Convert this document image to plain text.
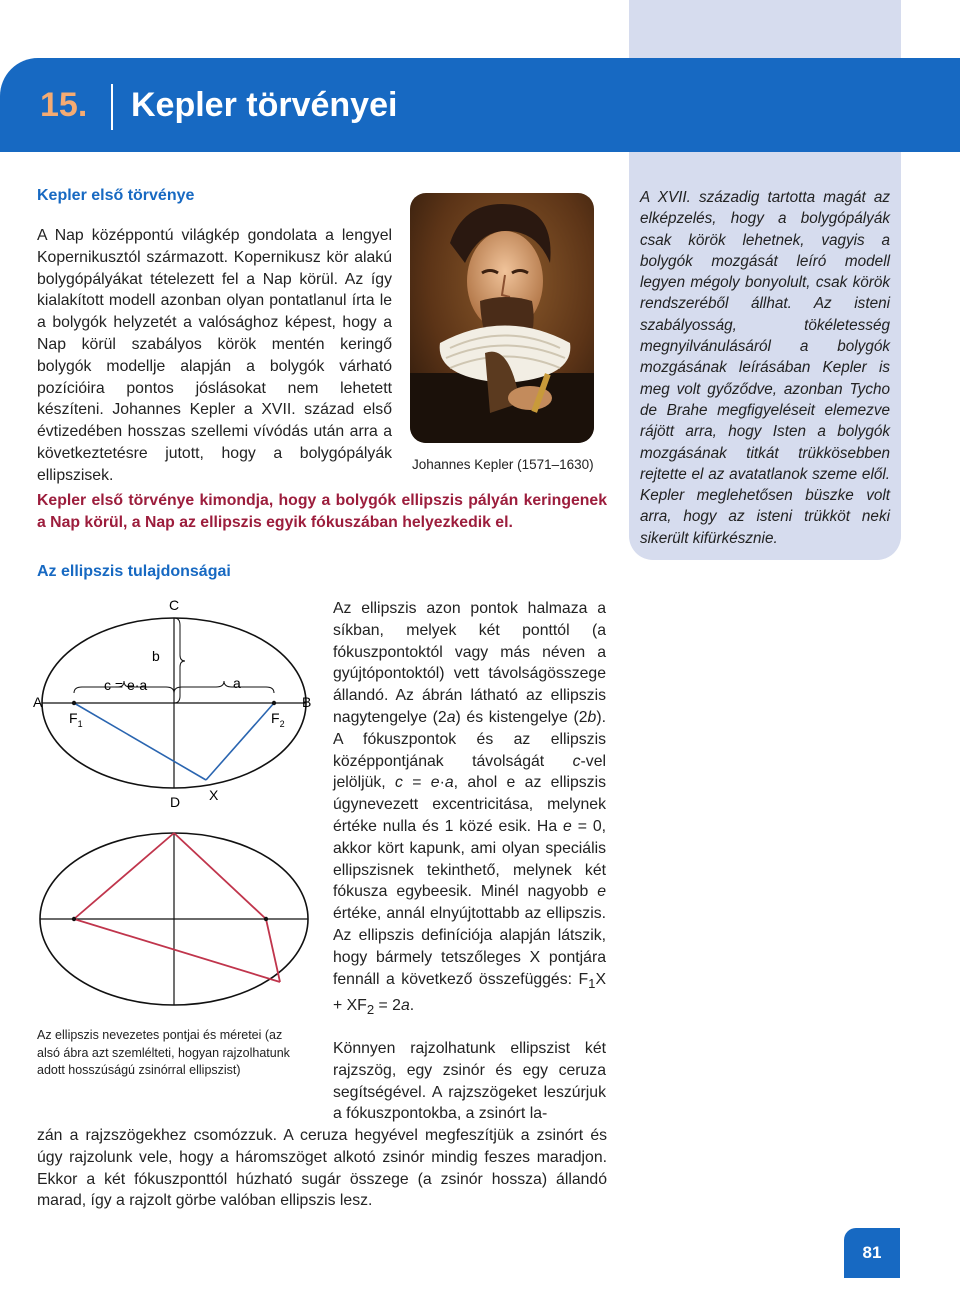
15. Kepler törvényei
A XVII. századig tartotta magát az elképzelés, hogy a bolygópályák csak körök lehetnek, vagyis a bolygók mozgását leíró modell legyen mégoly bonyolult, csak körök rendszeréből állhat. Az isteni szabályosság, tökéletesség megnyilvánulásáról a bolygók mozgásának leírásában Kepler is meg volt győződve, azonban Tycho de Brahe megfigyeléseit elemezve rájött arra, hogy Isten a bolygók mozgásának titkát trükkösebben rejtette el az avatatlanok szeme elől. Kepler meglehetősen büszke volt arra, hogy az isteni trükköt neki sikerült kifürkésznie.
Kepler első törvénye
A Nap középpontú világkép gondolata a lengyel Kopernikusztól származott. Kopernikusz kör alakú bolygópályákat tételezett fel a Nap körül. Az így kialakított modell azonban olyan pontatlanul írta le a bolygók helyzetét a valósághoz képest, hogy a Nap körül szabályos körök mentén keringő bolygók modellje alapján a bolygók várható pozícióira pontos jóslásokat nem lehetett készíteni. Johannes Kepler a XVII. század első évtizedében hosszas szellemi vívódás után arra a következtetésre jutott, hogy a bolygópályák ellipszisek.
Johannes Kepler (1571–1630)
Kepler első törvénye kimondja, hogy a bolygók ellipszis pályán keringenek a Nap körül, a Nap az ellipszis egyik fókuszában helyezkedik el.
Az ellipszis tulajdonságai
A	B
C
D X
$F_1$	$F_2$
b
a
c = e·a
Az ellipszis nevezetes pontjai és méretei (az alsó ábra azt szemlélteti, hogyan rajzolhatunk adott hosszúságú zsinórral ellipszist)
Az ellipszis azon pontok halmaza a síkban, melyek két ponttól (a fókuszpontoktól vagy más néven a gyújtópontoktól) vett távolságösszege állandó. Az ábrán látható az ellipszis nagytengelye (2a) és kistengelye (2b). A fókuszpontok és az ellipszis középpontjának távolságát c-vel jelöljük, c = e·a, ahol e az ellipszis úgynevezett excentricitása, melynek értéke nulla és 1 közé esik. Ha e = 0, akkor kört kapunk, ami olyan speciális ellipszisnek tekinthető, melynek két fókusza egybeesik. Minél nagyobb e értéke, annál elnyújtottabb az ellipszis. Az ellipszis definíciója alapján látszik, hogy bármely tetszőleges X pontjára fennáll a következő összefüggés: $F_1X + XF_2 = 2a$.
Könnyen rajzolhatunk ellipszist két rajzszög, egy zsinór és egy ceruza segítségével. A rajzszögeket leszúrjuk a fókuszpontokba, a zsinórt la-
zán a rajzszögekhez csomózzuk. A ceruza hegyével megfeszítjük a zsinórt és úgy rajzolunk vele, hogy a háromszöget alkotó zsinór mindig feszes maradjon. Ekkor a két fókuszponttól húzható sugár összege (a zsinór hossza) állandó marad, így a rajzolt görbe valóban ellipszis lesz.
81
